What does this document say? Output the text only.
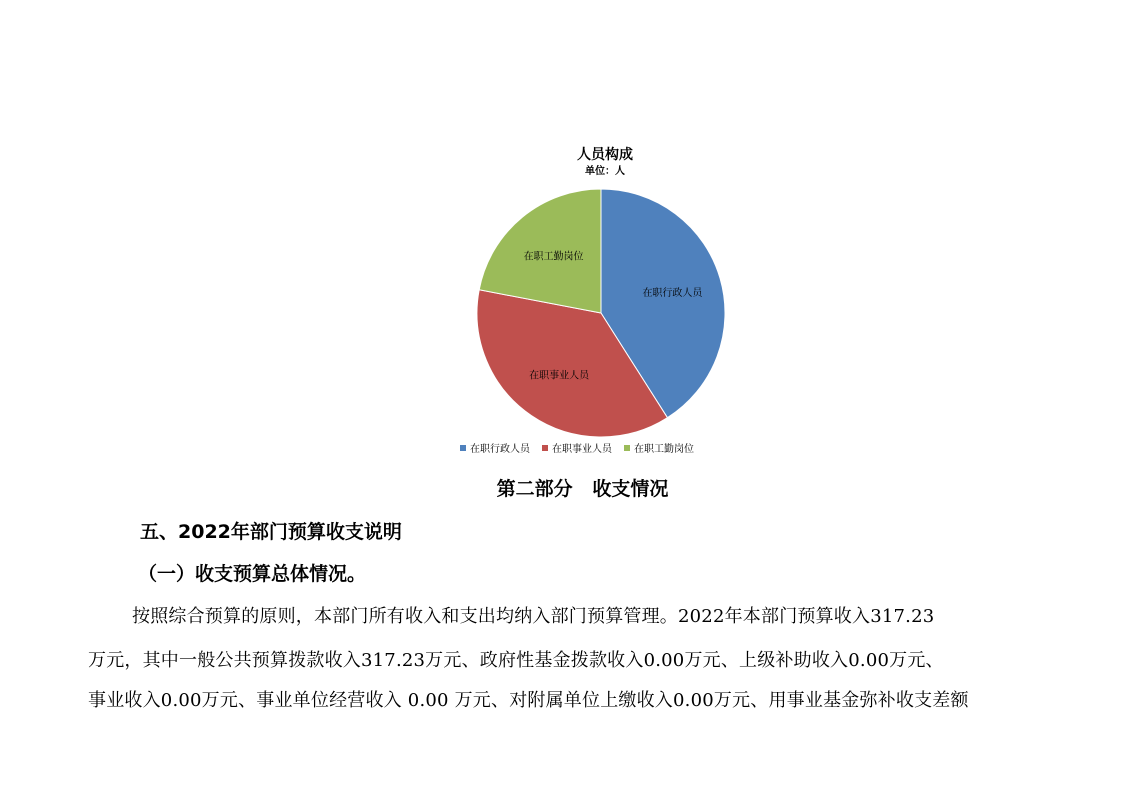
人员构成
单位：人
在职行政人员
在职事业人员
在职工勤岗位
在职行政人员 在职事业人员 在职工勤岗位
第二部分   收支情况
五、2022年部门预算收支说明
（一）收支预算总体情况。
按照综合预算的原则，本部门所有收入和支出均纳入部门预算管理。2022年本部门预算收入317.23
万元，其中一般公共预算拨款收入317.23万元、政府性基金拨款收入0.00万元、上级补助收入0.00万元、
事业收入0.00万元、事业单位经营收入 0.00 万元、对附属单位上缴收入0.00万元、用事业基金弥补收支差额
